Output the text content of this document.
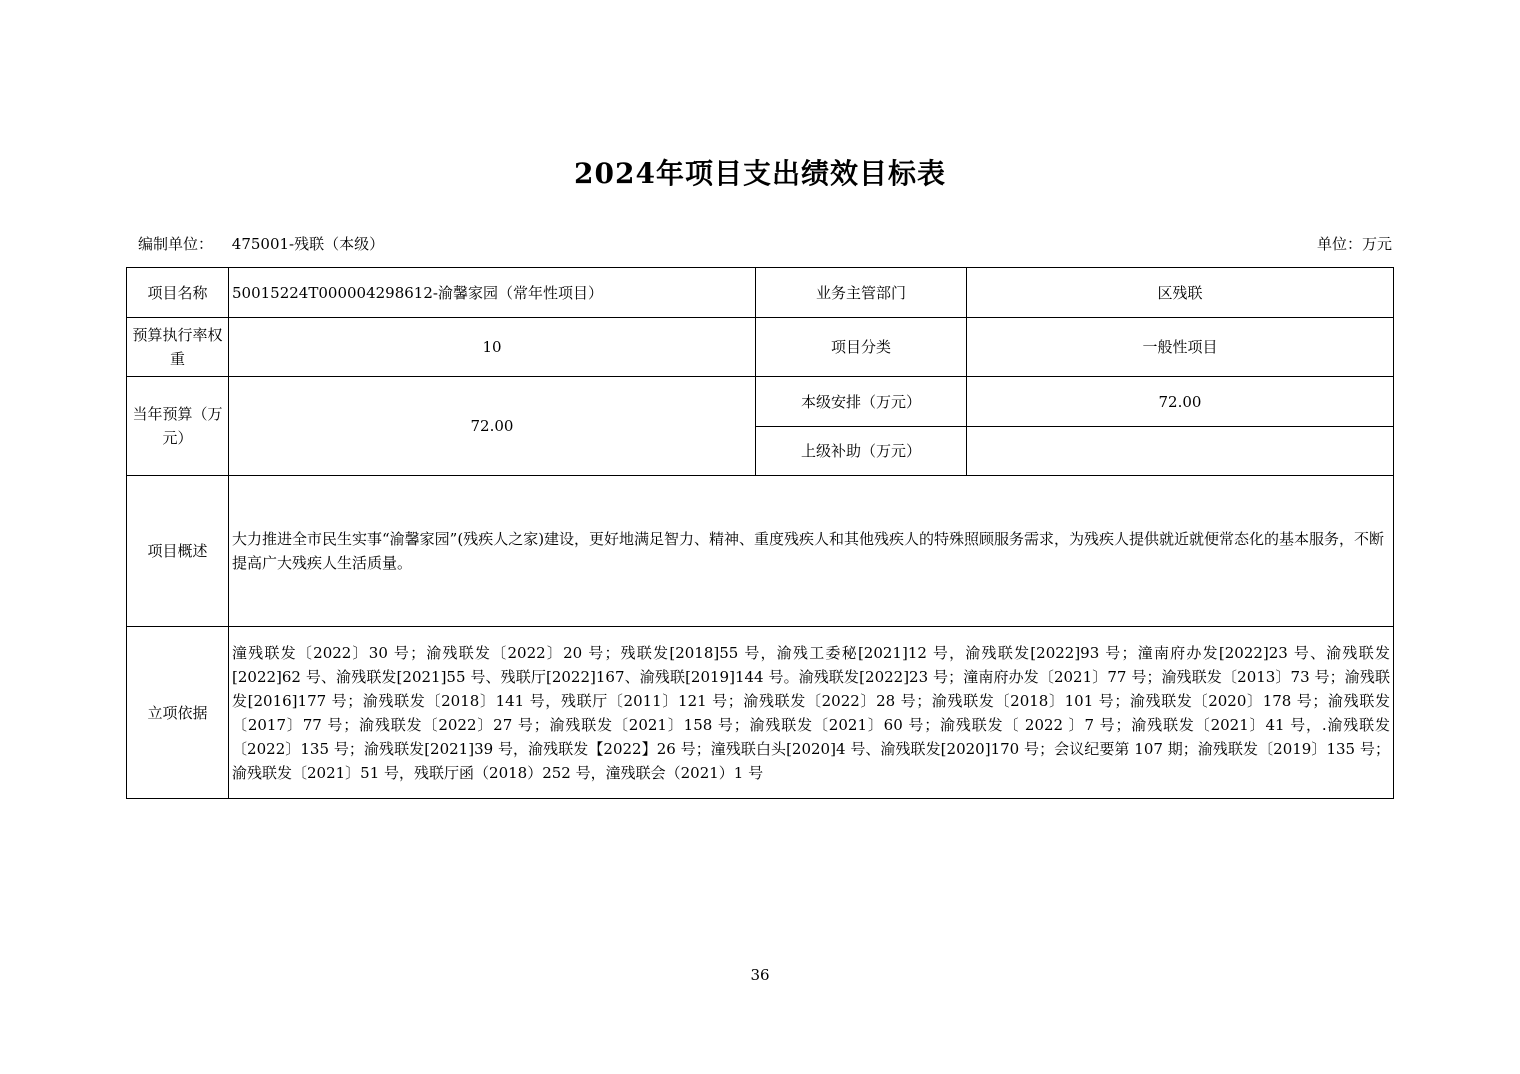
2024年项目支出绩效目标表
编制单位： 475001-残联（本级）	单位：万元
项目名称	50015224T000004298612-渝馨家园（常年性项目）	业务主管部门	区残联
预算执行率权重	10	项目分类	一般性项目
当年预算（万元）	72.00	本级安排（万元）	72.00
		上级补助（万元）	
项目概述	大力推进全市民生实事“渝馨家园”(残疾人之家)建设，更好地满足智力、精神、重度残疾人和其他残疾人的特殊照顾服务需求，为残疾人提供就近就便常态化的基本服务，不断提高广大残疾人生活质量。		
立项依据	潼残联发〔2022〕30 号；渝残联发〔2022〕20 号；残联发[2018]55 号，渝残工委秘[2021]12 号，渝残联发[2022]93 号；潼南府办发[2022]23 号、渝残联发[2022]62 号、渝残联发[2021]55 号、残联厅[2022]167、渝残联[2019]144 号。渝残联发[2022]23 号；潼南府办发〔2021〕77 号；渝残联发〔2013〕73 号；渝残联发[2016]177 号；渝残联发〔2018〕141 号，残联厅〔2011〕121 号；渝残联发〔2022〕28 号；渝残联发〔2018〕101 号；渝残联发〔2020〕178 号；渝残联发〔2017〕77 号；渝残联发〔2022〕27 号；渝残联发〔2021〕158 号；渝残联发〔2021〕60 号；渝残联发〔 2022 〕7 号；渝残联发〔2021〕41 号，.渝残联发〔2022〕135 号；渝残联发[2021]39 号，渝残联发【2022】26 号；潼残联白头[2020]4 号、渝残联发[2020]170 号；会议纪要第 107 期；渝残联发〔2019〕135 号；渝残联发〔2021〕51 号，残联厅函（2018）252 号，潼残联会（2021）1 号		
36
